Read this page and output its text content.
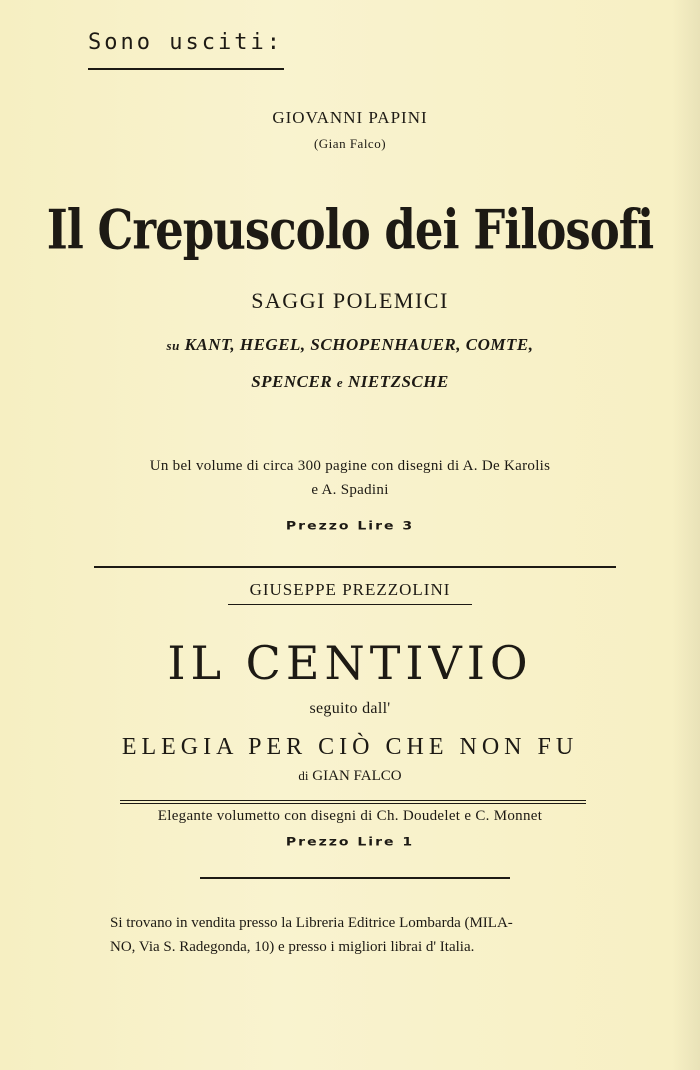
Sono usciti:
GIOVANNI PAPINI
(Gian Falco)
Il Crepuscolo dei Filosofi
SAGGI POLEMICI
su KANT, HEGEL, SCHOPENHAUER, COMTE,
SPENCER e NIETZSCHE
Un bel volume di circa 300 pagine con disegni di A. De Karolis
e A. Spadini
Prezzo Lire 3
GIUSEPPE PREZZOLINI
IL CENTIVIO
seguito dall'
ELEGIA PER CIÒ CHE NON FU
di GIAN FALCO
Elegante volumetto con disegni di Ch. Doudelet e C. Monnet
Prezzo Lire 1
Si trovano in vendita presso la Libreria Editrice Lombarda (MILA-
NO, Via S. Radegonda, 10) e presso i migliori librai d' Italia.
